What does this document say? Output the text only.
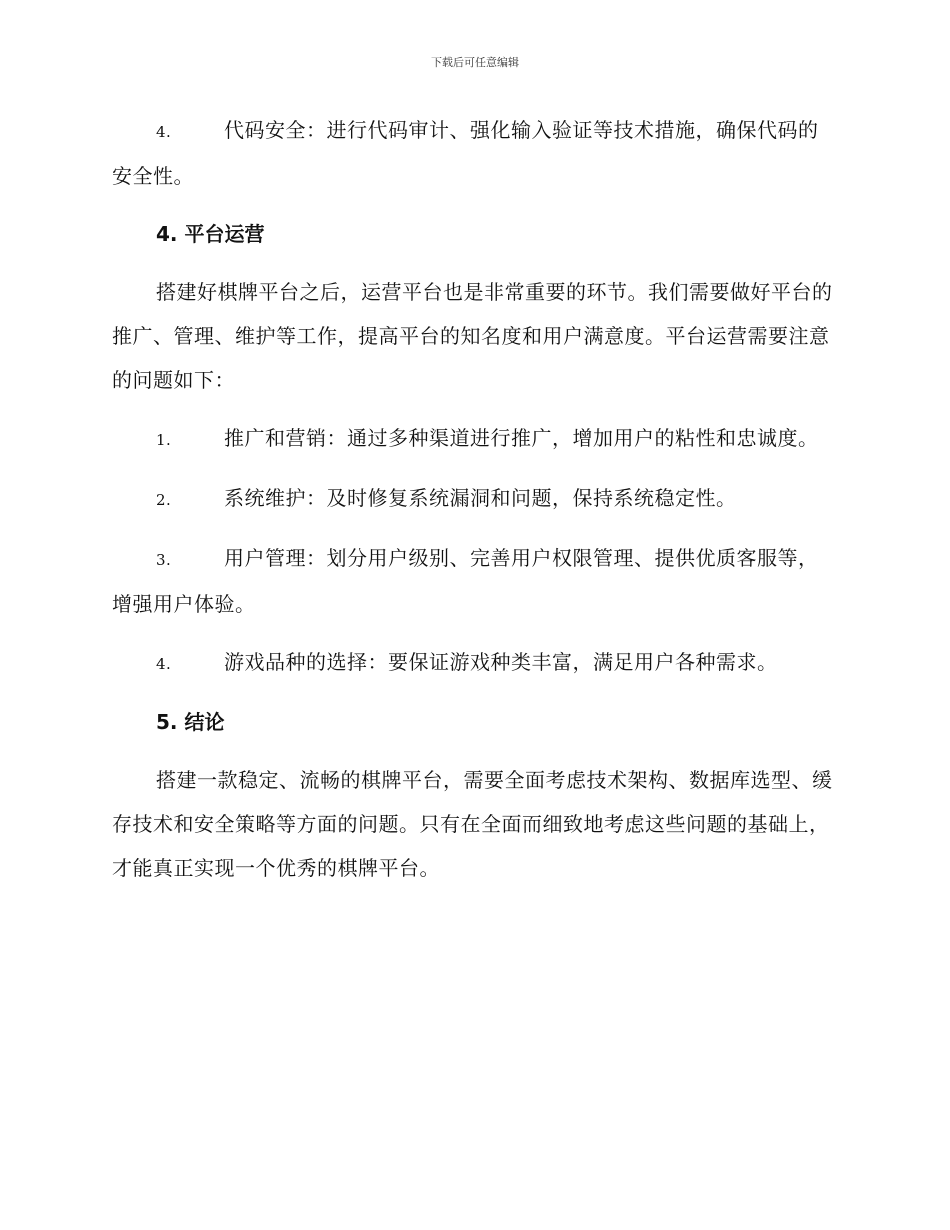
下载后可任意编辑

4.	代码安全：进行代码审计、强化输入验证等技术措施，确保代码的安全性。

4. 平台运营

搭建好棋牌平台之后，运营平台也是非常重要的环节。我们需要做好平台的推广、管理、维护等工作，提高平台的知名度和用户满意度。平台运营需要注意的问题如下：

1.	推广和营销：通过多种渠道进行推广，增加用户的粘性和忠诚度。

2.	系统维护：及时修复系统漏洞和问题，保持系统稳定性。

3.	用户管理：划分用户级别、完善用户权限管理、提供优质客服等，增强用户体验。

4.	游戏品种的选择：要保证游戏种类丰富，满足用户各种需求。

5. 结论

搭建一款稳定、流畅的棋牌平台，需要全面考虑技术架构、数据库选型、缓存技术和安全策略等方面的问题。只有在全面而细致地考虑这些问题的基础上，才能真正实现一个优秀的棋牌平台。
